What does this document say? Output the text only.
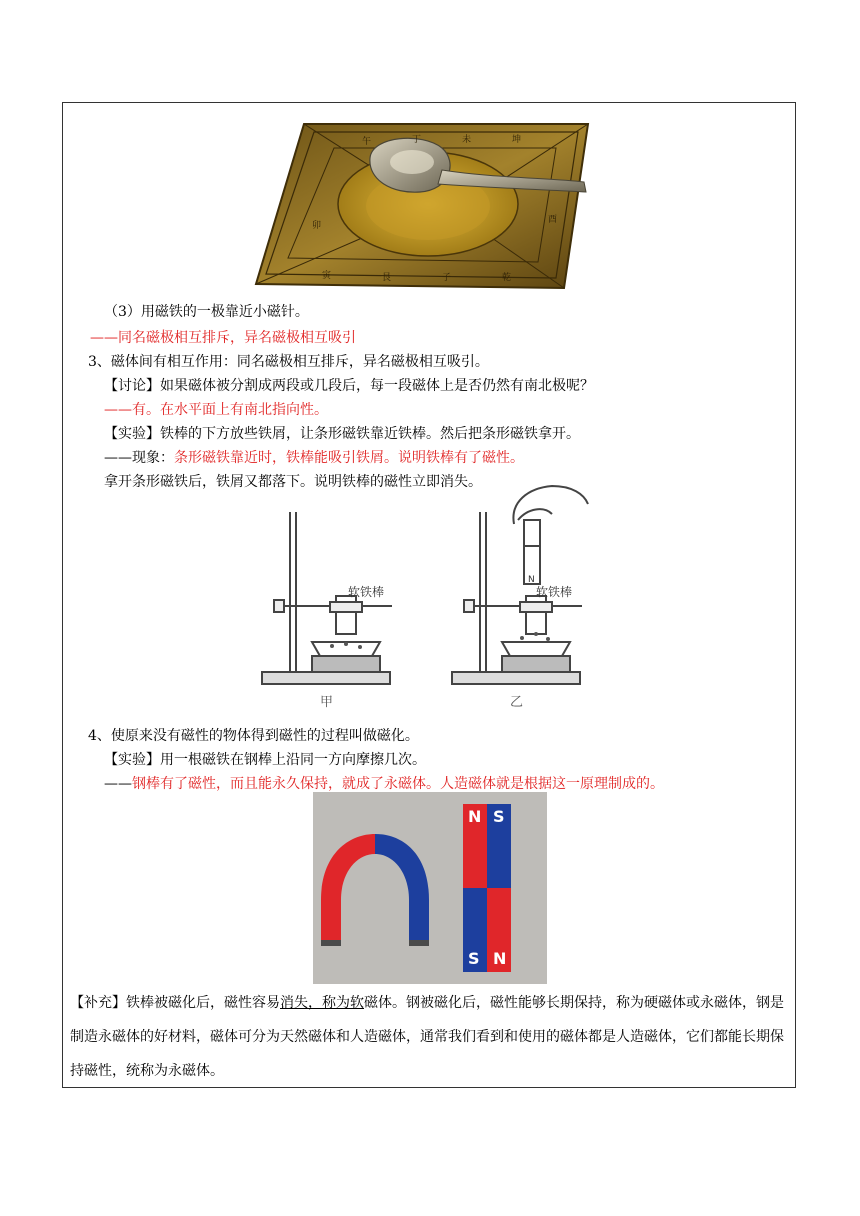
午	丁	未	坤
卯
酉
寅	艮	子	乾
（3）用磁铁的一极靠近小磁针。
——同名磁极相互排斥，异名磁极相互吸引
3、磁体间有相互作用：同名磁极相互排斥，异名磁极相互吸引。
【讨论】如果磁体被分割成两段或几段后，每一段磁体上是否仍然有南北极呢？
——有。在水平面上有南北指向性。
【实验】铁棒的下方放些铁屑，让条形磁铁靠近铁棒。然后把条形磁铁拿开。
——现象：条形磁铁靠近时，铁棒能吸引铁屑。说明铁棒有了磁性。
拿开条形磁铁后，铁屑又都落下。说明铁棒的磁性立即消失。
软铁棒	软铁棒
N
甲	乙
4、使原来没有磁性的物体得到磁性的过程叫做磁化。
【实验】用一根磁铁在钢棒上沿同一方向摩擦几次。
——钢棒有了磁性，而且能永久保持，就成了永磁体。人造磁体就是根据这一原理制成的。
N S
S N
【补充】铁棒被磁化后，磁性容易消失，称为软磁体。钢被磁化后，磁性能够长期保持，称为硬磁体或永磁体，钢是制造永磁体的好材料，磁体可分为天然磁体和人造磁体，通常我们看到和使用的磁体都是人造磁体，它们都能长期保持磁性，统称为永磁体。
